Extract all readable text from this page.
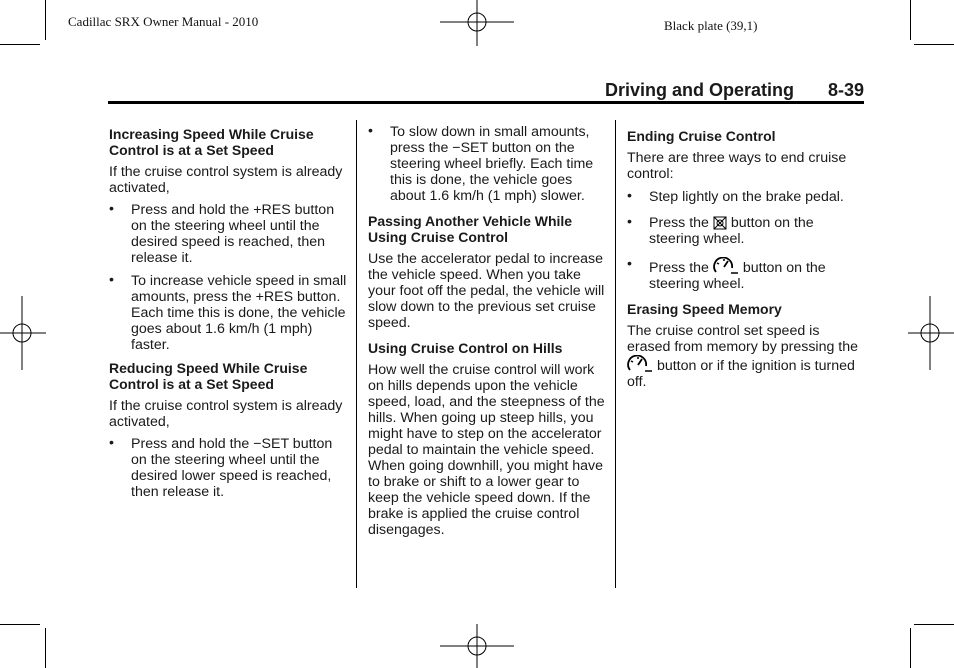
Cadillac SRX Owner Manual - 2010	Black plate (39,1)
Driving and Operating 8-39
Increasing Speed While Cruise Control is at a Set Speed

If the cruise control system is already activated,

• Press and hold the +RES button on the steering wheel until the desired speed is reached, then release it.
• To increase vehicle speed in small amounts, press the +RES button. Each time this is done, the vehicle goes about 1.6 km/h (1 mph) faster.
Reducing Speed While Cruise Control is at a Set Speed

If the cruise control system is already activated,

• Press and hold the −SET button on the steering wheel until the desired lower speed is reached, then release it.
• To slow down in small amounts, press the −SET button on the steering wheel briefly. Each time this is done, the vehicle goes about 1.6 km/h (1 mph) slower.
Passing Another Vehicle While Using Cruise Control

Use the accelerator pedal to increase the vehicle speed. When you take your foot off the pedal, the vehicle will slow down to the previous set cruise speed.

Using Cruise Control on Hills

How well the cruise control will work on hills depends upon the vehicle speed, load, and the steepness of the hills. When going up steep hills, you might have to step on the accelerator pedal to maintain the vehicle speed. When going downhill, you might have to brake or shift to a lower gear to keep the vehicle speed down. If the brake is applied the cruise control disengages.

Ending Cruise Control

There are three ways to end cruise control:

• Step lightly on the brake pedal.
• Press the button on the steering wheel.
• Press the button on the steering wheel.
Erasing Speed Memory

The cruise control set speed is erased from memory by pressing the  button or if the ignition is turned off.
